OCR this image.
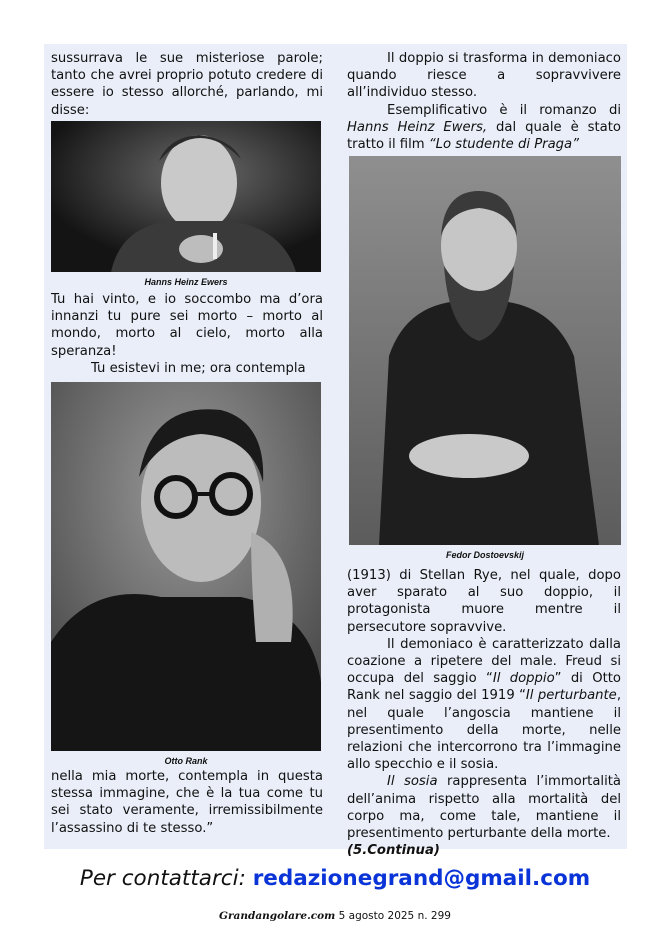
sussurrava le sue misteriose parole; tanto che avrei proprio potuto credere di essere io stesso allorché, parlando, mi disse:

Hanns Heinz Ewers

Tu hai vinto, e io soccombo ma d’ora innanzi tu pure sei morto – morto al mondo, morto al cielo, morto alla speranza!

Tu esistevi in me; ora contempla

Otto Rank

nella mia morte, contempla in questa stessa immagine, che è la tua come tu sei stato veramente, irremissibilmente l’assassino di te stesso.”

Il doppio si trasforma in demoniaco quando riesce a sopravvivere all’individuo stesso.

Esemplificativo è il romanzo di Hanns Heinz Ewers, dal quale è stato tratto il film “Lo studente di Praga”

Fedor Dostoevskij

(1913) di Stellan Rye, nel quale, dopo aver sparato al suo doppio, il protagonista muore mentre il persecutore sopravvive.

Il demoniaco è caratterizzato dalla coazione a ripetere del male. Freud si occupa del saggio “Il doppio” di Otto Rank nel saggio del 1919 “Il perturbante, nel quale l’angoscia mantiene il presentimento della morte, nelle relazioni che intercorrono tra l’immagine allo specchio e il sosia.

Il sosia rappresenta l’immortalità dell’anima rispetto alla mortalità del corpo ma, come tale, mantiene il presentimento perturbante della morte.

(5.Continua)

Per contattarci: redazionegrand@gmail.com
Grandangolare.com 5 agosto 2025 n. 299
